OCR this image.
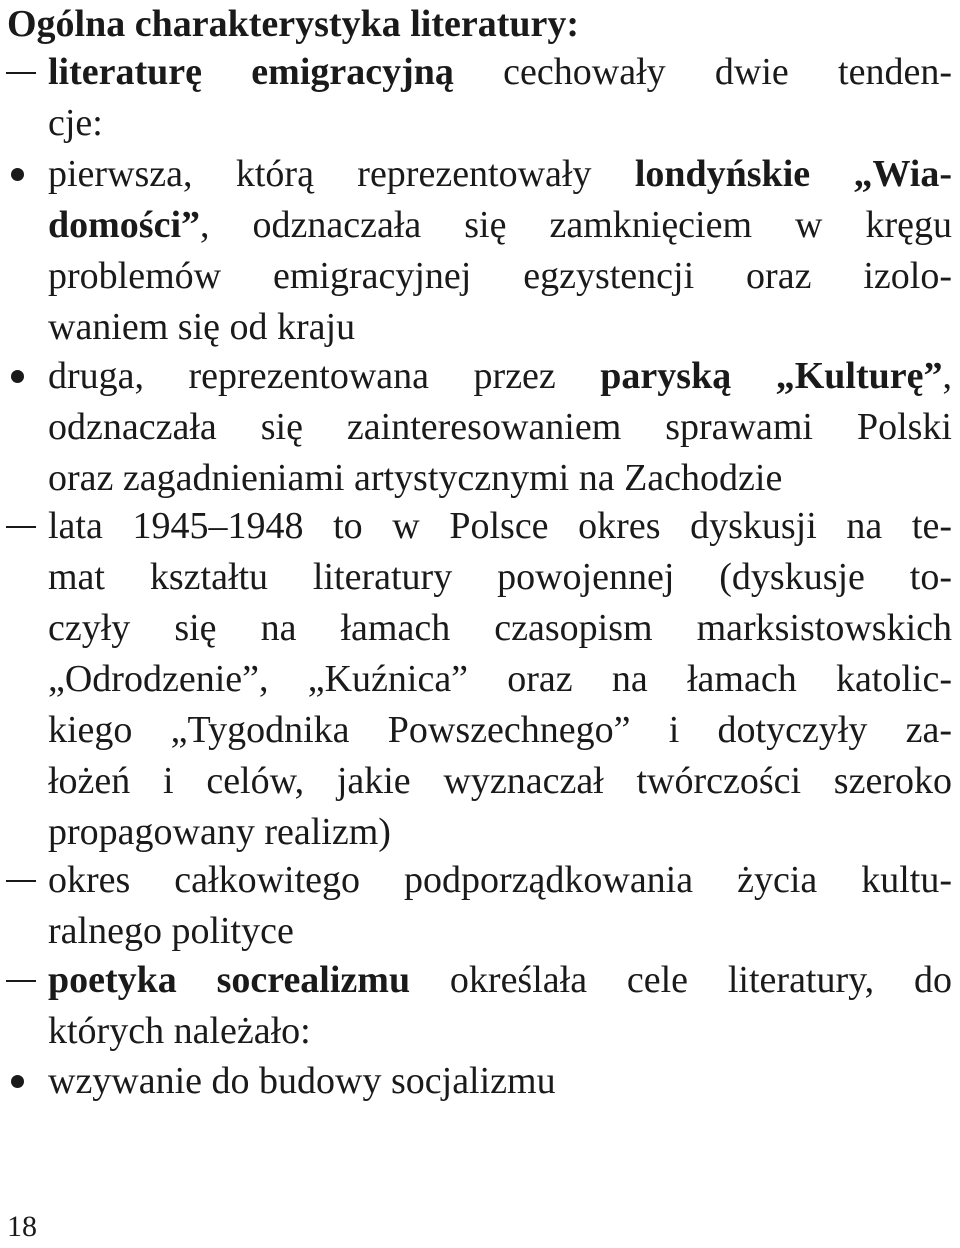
Ogólna charakterystyka literatury:
literaturę emigracyjną cechowały dwie tenden-
cje:
pierwsza, którą reprezentowały londyńskie „Wia-
domości”, odznaczała się zamknięciem w kręgu
problemów emigracyjnej egzystencji oraz izolo-
waniem się od kraju
druga, reprezentowana przez paryską „Kulturę”,
odznaczała się zainteresowaniem sprawami Polski
oraz zagadnieniami artystycznymi na Zachodzie
lata 1945–1948 to w Polsce okres dyskusji na te-
mat kształtu literatury powojennej (dyskusje to-
czyły się na łamach czasopism marksistowskich
„Odrodzenie”, „Kuźnica” oraz na łamach katolic-
kiego „Tygodnika Powszechnego” i dotyczyły za-
łożeń i celów, jakie wyznaczał twórczości szeroko
propagowany realizm)
okres całkowitego podporządkowania życia kultu-
ralnego polityce
poetyka socrealizmu określała cele literatury, do
których należało:
wzywanie do budowy socjalizmu
18
